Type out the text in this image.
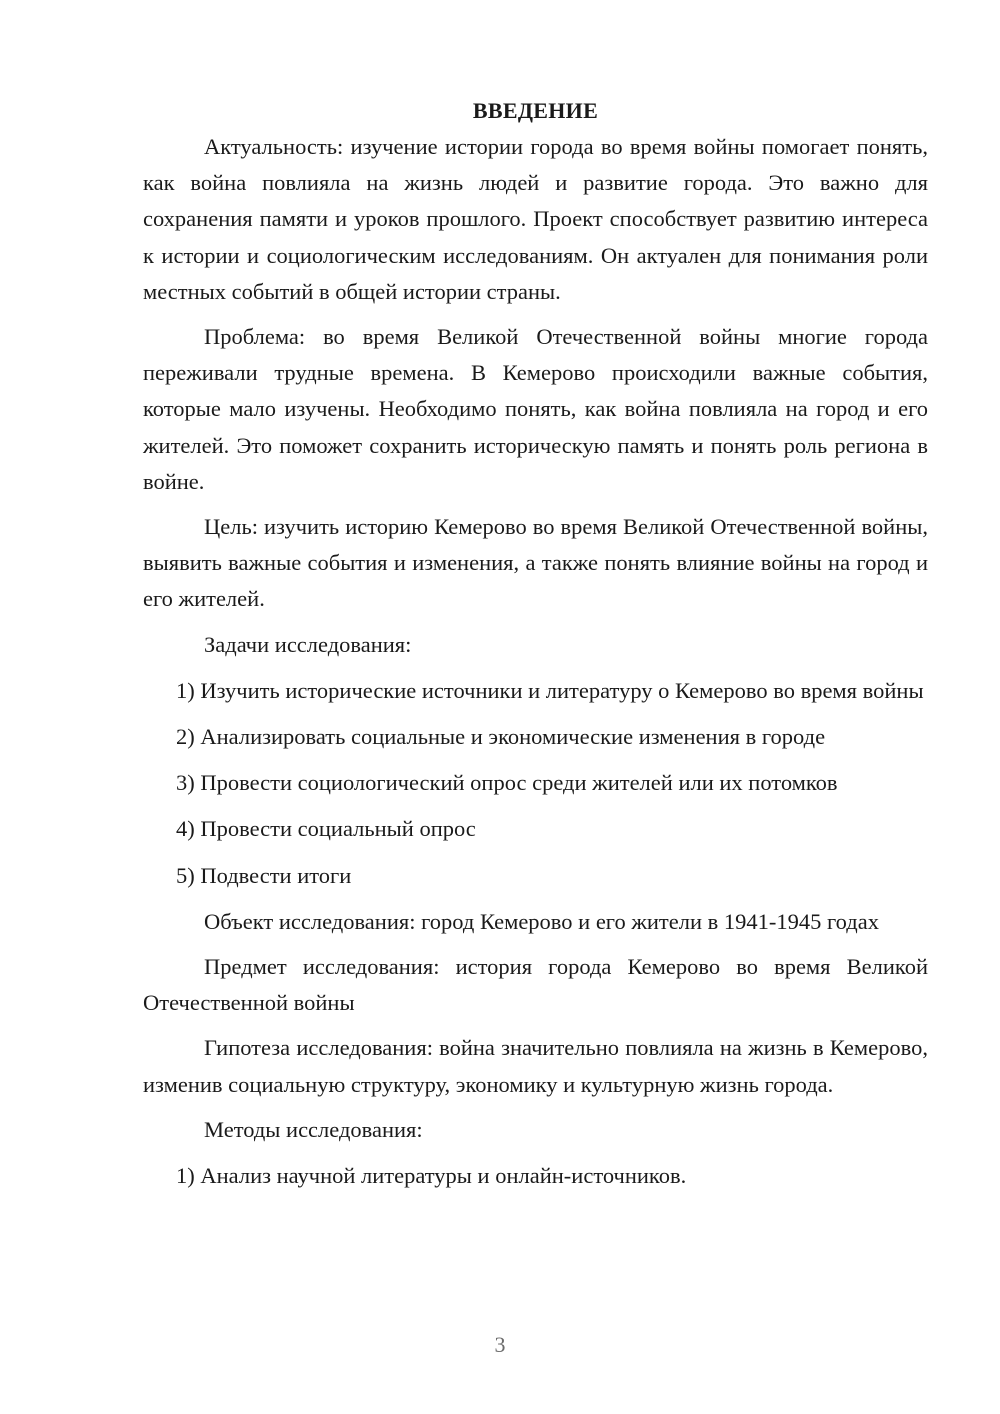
ВВЕДЕНИЕ

Актуальность: изучение истории города во время войны помогает понять, как война повлияла на жизнь людей и развитие города. Это важно для сохранения памяти и уроков прошлого. Проект способствует развитию интереса к истории и социологическим исследованиям. Он актуален для понимания роли местных событий в общей истории страны.

Проблема: во время Великой Отечественной войны многие города переживали трудные времена. В Кемерово происходили важные события, которые мало изучены. Необходимо понять, как война повлияла на город и его жителей. Это поможет сохранить историческую память и понять роль региона в войне.

Цель: изучить историю Кемерово во время Великой Отечественной войны, выявить важные события и изменения, а также понять влияние войны на город и его жителей.

Задачи исследования:

1) Изучить исторические источники и литературу о Кемерово во время войны

2) Анализировать социальные и экономические изменения в городе

3) Провести социологический опрос среди жителей или их потомков

4) Провести социальный опрос

5) Подвести итоги

Объект исследования: город Кемерово и его жители в 1941-1945 годах

Предмет исследования: история города Кемерово во время Великой Отечественной войны

Гипотеза исследования: война значительно повлияла на жизнь в Кемерово, изменив социальную структуру, экономику и культурную жизнь города.

Методы исследования:

1) Анализ научной литературы и онлайн-источников.

3
